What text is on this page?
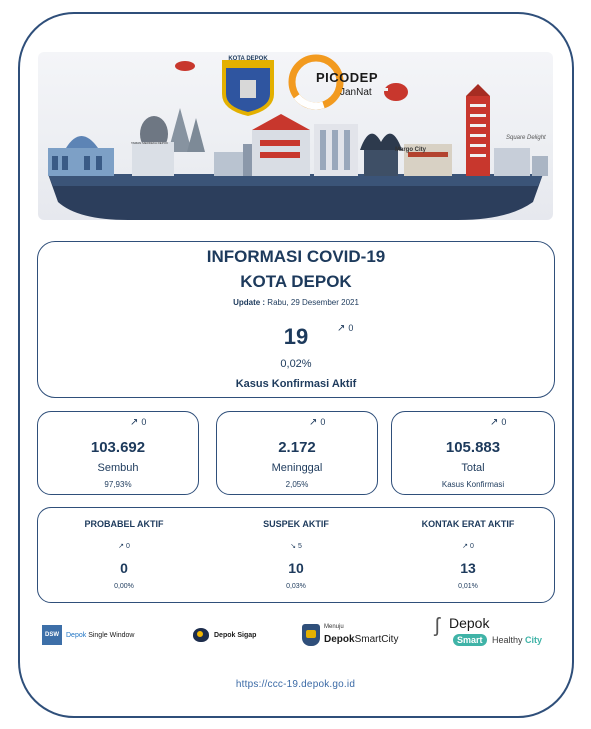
KOTA DEPOK
PICODEP
JanNat
TAMAN MERDEKA DEPOK
Margo City
Square Delight
INFORMASI COVID-19
KOTA DEPOK
Update : Rabu, 29 Desember 2021
19	↗ 0
0,02%
Kasus Konfirmasi Aktif
↗ 0
103.692
Sembuh
97,93%
↗ 0
2.172
Meninggal
2,05%
↗ 0
105.883
Total
Kasus Konfirmasi
PROBABEL AKTIF
↗ 0
0
0,00%
SUSPEK AKTIF
↘ 5
10
0,03%
KONTAK ERAT AKTIF
↗ 0
13
0,01%
DSW	Depok Single Window	Depok Sigap
Menuju
DepokSmartCity
ʃ Depok
Smart	Healthy City
https://ccc-19.depok.go.id
